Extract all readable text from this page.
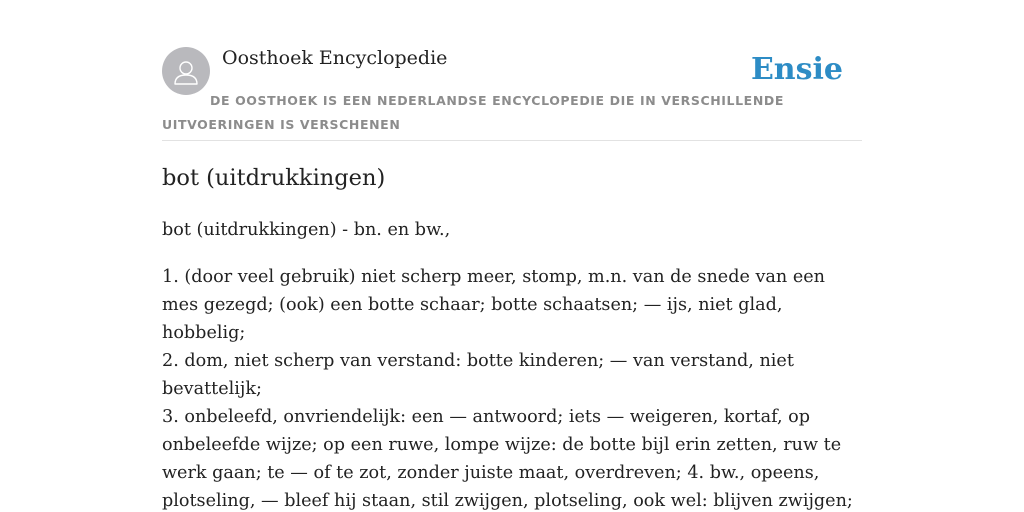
Oosthoek Encyclopedie	Ensie
DE OOSTHOEK IS EEN NEDERLANDSE ENCYCLOPEDIE DIE IN VERSCHILLENDE UITVOERINGEN IS VERSCHENEN
bot (uitdrukkingen)

bot (uitdrukkingen) - bn. en bw.,

1. (door veel gebruik) niet scherp meer, stomp, m.n. van de snede van een mes gezegd; (ook) een botte schaar; botte schaatsen; — ijs, niet glad, hobbelig;

2. dom, niet scherp van verstand: botte kinderen; — van verstand, niet bevattelijk;

3. onbeleefd, onvriendelijk: een — antwoord; iets — weigeren, kortaf, op onbeleefde wijze; op een ruwe, lompe wijze: de botte bijl erin zetten, ruw te werk gaan; te — of te zot, zonder juiste maat, overdreven; 4. bw., opeens, plotseling, — bleef hij staan, stil zwijgen, plotseling, ook wel: blijven zwijgen;
